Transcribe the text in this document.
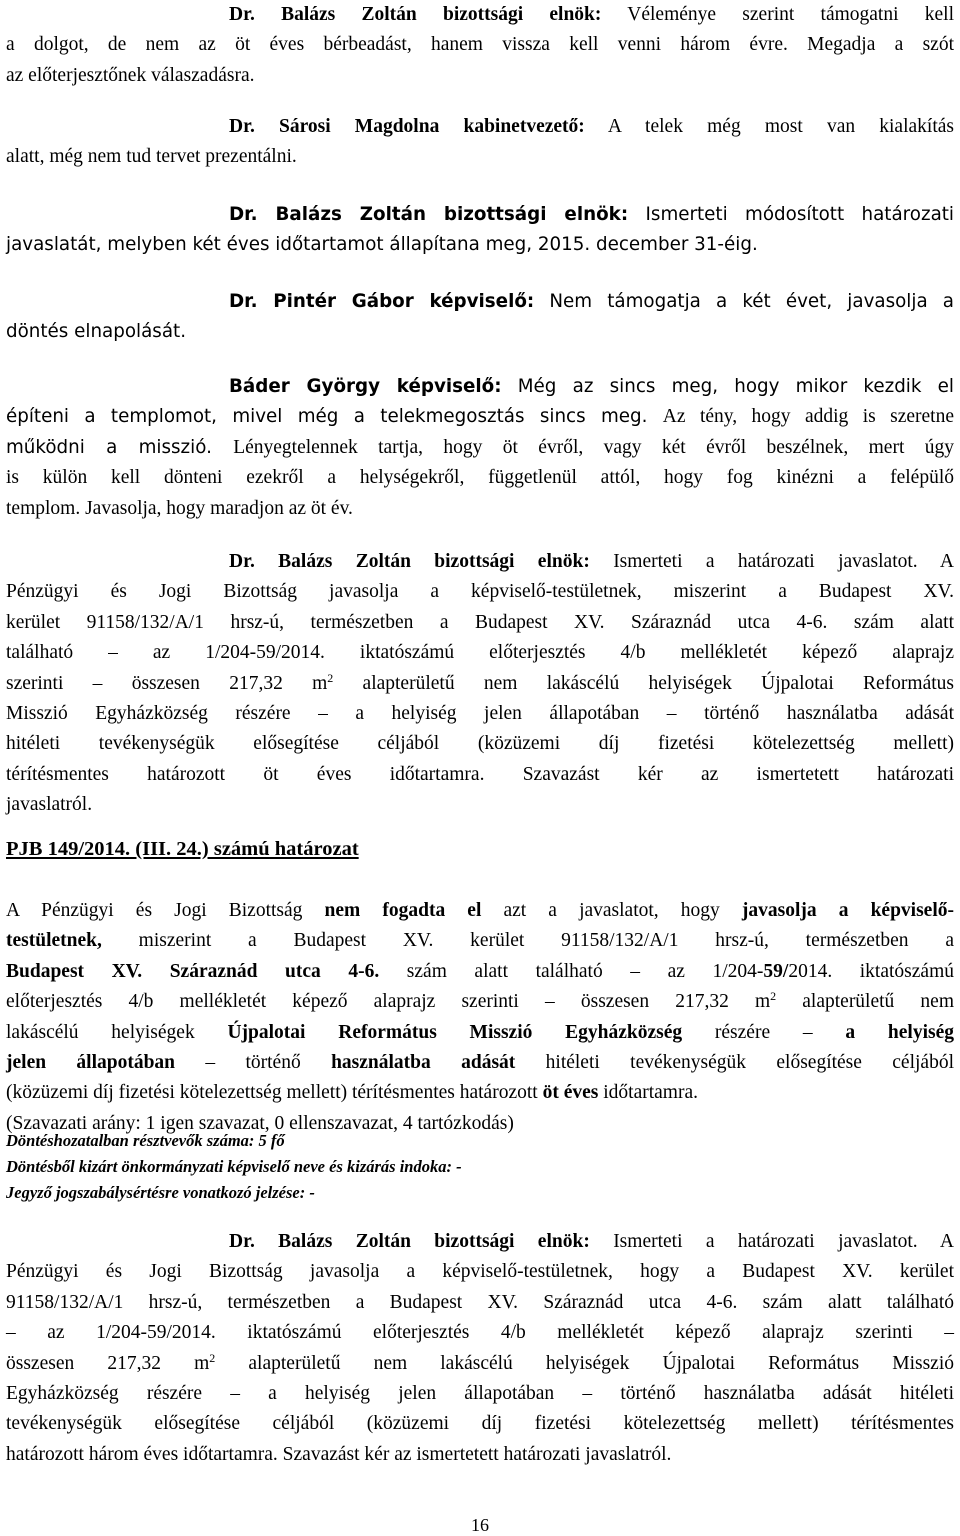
Dr. Balázs Zoltán bizottsági elnök: Véleménye szerint támogatni kell
a dolgot, de nem az öt éves bérbeadást, hanem vissza kell venni három évre. Megadja a szót
az előterjesztőnek válaszadásra.
Dr. Sárosi Magdolna kabinetvezető: A telek még most van kialakítás
alatt, még nem tud tervet prezentálni.
Dr. Balázs Zoltán bizottsági elnök: Ismerteti módosított határozati
javaslatát, melyben két éves időtartamot állapítana meg, 2015. december 31-éig.
Dr. Pintér Gábor képviselő: Nem támogatja a két évet, javasolja a
döntés elnapolását.
Báder György képviselő: Még az sincs meg, hogy mikor kezdik el
építeni a templomot, mivel még a telekmegosztás sincs meg. Az tény, hogy addig is szeretne
működni a misszió. Lényegtelennek tartja, hogy öt évről, vagy két évről beszélnek, mert úgy
is külön kell dönteni ezekről a helységekről, függetlenül attól, hogy fog kinézni a felépülő
templom. Javasolja, hogy maradjon az öt év.
Dr. Balázs Zoltán bizottsági elnök: Ismerteti a határozati javaslatot. A
Pénzügyi és Jogi Bizottság javasolja a képviselő-testületnek, miszerint a Budapest XV.
kerület 91158/132/A/1 hrsz-ú, természetben a Budapest XV. Száraznád utca 4-6. szám alatt
található – az 1/204-59/2014. iktatószámú előterjesztés 4/b mellékletét képező alaprajz
szerinti – összesen 217,32 $m^2$ alapterületű nem lakáscélú helyiségek Újpalotai Református
Misszió Egyházközség részére – a helyiség jelen állapotában – történő használatba adását
hitéleti tevékenységük elősegítése céljából (közüzemi díj fizetési kötelezettség mellett)
térítésmentes határozott öt éves időtartamra. Szavazást kér az ismertetett határozati
javaslatról.

PJB 149/2014. (III. 24.) számú határozat

A Pénzügyi és Jogi Bizottság nem fogadta el azt a javaslatot, hogy javasolja a képviselő-
testületnek, miszerint a Budapest XV. kerület 91158/132/A/1 hrsz-ú, természetben a
Budapest XV. Száraznád utca 4-6. szám alatt található – az 1/204-59/2014. iktatószámú
előterjesztés 4/b mellékletét képező alaprajz szerinti – összesen 217,32 $m^2$ alapterületű nem
lakáscélú helyiségek Újpalotai Református Misszió Egyházközség részére – a helyiség
jelen állapotában – történő használatba adását hitéleti tevékenységük elősegítése céljából
(közüzemi díj fizetési kötelezettség mellett) térítésmentes határozott öt éves időtartamra.
(Szavazati arány: 1 igen szavazat, 0 ellenszavazat, 4 tartózkodás)

Döntéshozatalban résztvevők száma: 5 fő

Döntésből kizárt önkormányzati képviselő neve és kizárás indoka: -

Jegyző jogszabálysértésre vonatkozó jelzése: -

Dr. Balázs Zoltán bizottsági elnök: Ismerteti a határozati javaslatot. A
Pénzügyi és Jogi Bizottság javasolja a képviselő-testületnek, hogy a Budapest XV. kerület
91158/132/A/1 hrsz-ú, természetben a Budapest XV. Száraznád utca 4-6. szám alatt található
– az 1/204-59/2014. iktatószámú előterjesztés 4/b mellékletét képező alaprajz szerinti –
összesen 217,32 $m^2$ alapterületű nem lakáscélú helyiségek Újpalotai Református Misszió
Egyházközség részére – a helyiség jelen állapotában – történő használatba adását hitéleti
tevékenységük elősegítése céljából (közüzemi díj fizetési kötelezettség mellett) térítésmentes
határozott három éves időtartamra. Szavazást kér az ismertetett határozati javaslatról.

16
